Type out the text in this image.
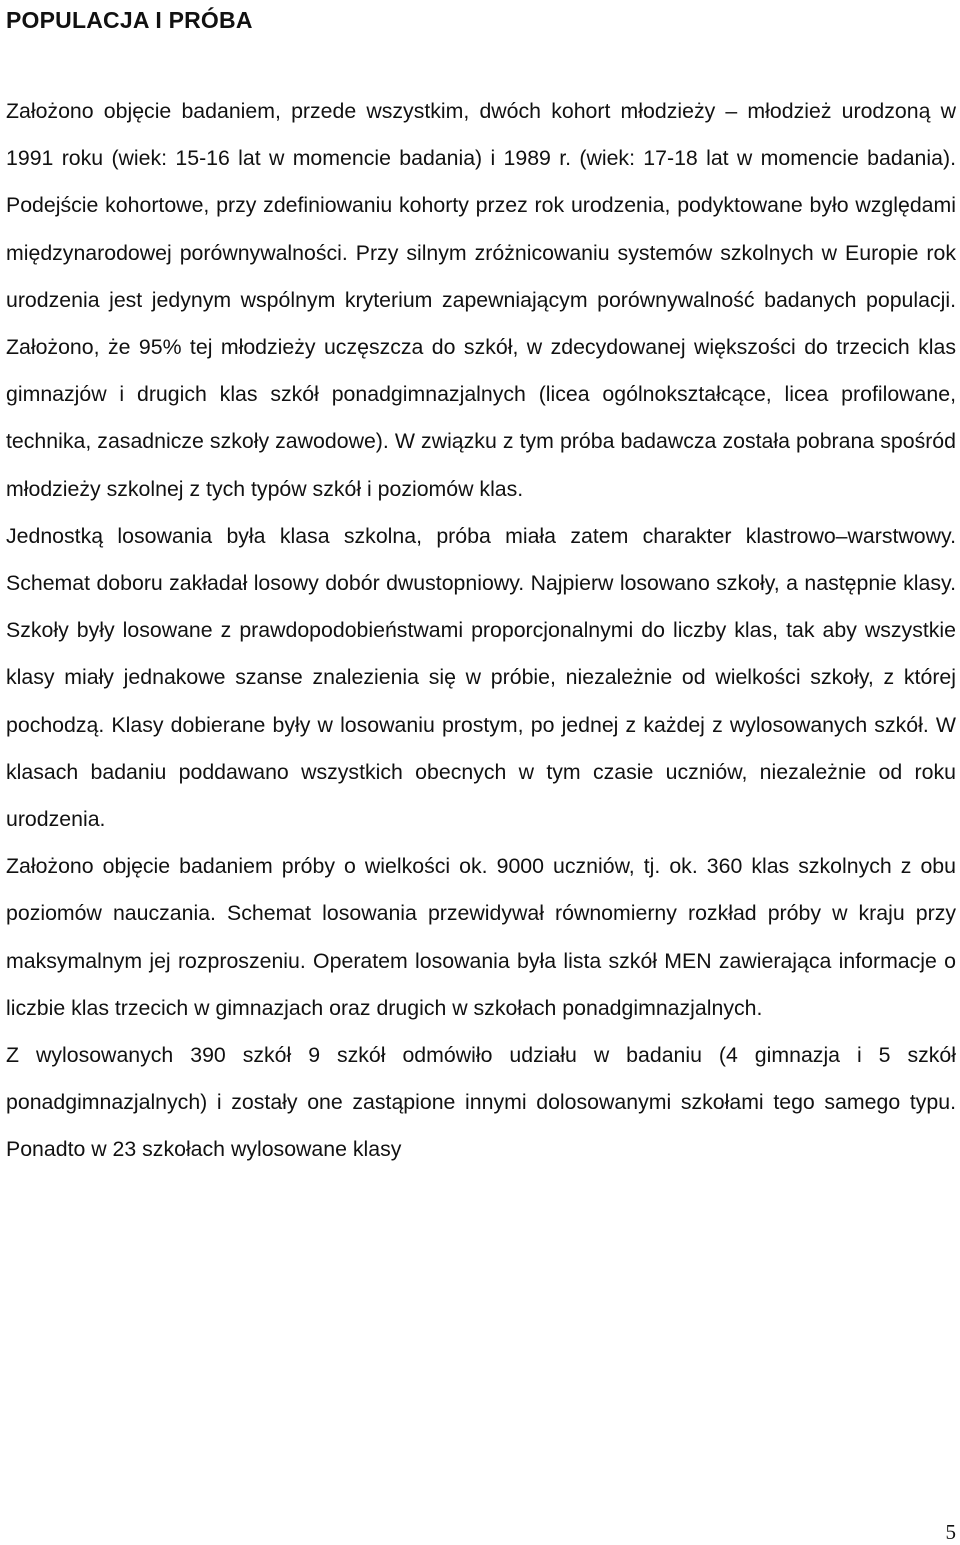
POPULACJA I PRÓBA

Założono objęcie badaniem, przede wszystkim, dwóch kohort młodzieży – młodzież urodzoną w 1991 roku (wiek: 15-16 lat w momencie badania) i 1989 r. (wiek: 17-18 lat w momencie badania). Podejście kohortowe, przy zdefiniowaniu kohorty przez rok urodzenia, podyktowane było względami międzynarodowej porównywalności. Przy silnym zróżnicowaniu systemów szkolnych w Europie rok urodzenia jest jedynym wspólnym kryterium zapewniającym porównywalność badanych populacji. Założono, że 95% tej młodzieży uczęszcza do szkół, w zdecydowanej większości do trzecich klas gimnazjów i drugich klas szkół ponadgimnazjalnych (licea ogólnokształcące, licea profilowane, technika, zasadnicze szkoły zawodowe). W związku z tym próba badawcza została pobrana spośród młodzieży szkolnej z tych typów szkół i poziomów klas.

Jednostką losowania była klasa szkolna, próba miała zatem charakter klastrowo–warstwowy. Schemat doboru zakładał losowy dobór dwustopniowy. Najpierw losowano szkoły, a następnie klasy. Szkoły były losowane z prawdopodobieństwami proporcjonalnymi do liczby klas, tak aby wszystkie klasy miały jednakowe szanse znalezienia się w próbie, niezależnie od wielkości szkoły, z której pochodzą. Klasy dobierane były w losowaniu prostym, po jednej z każdej z wylosowanych szkół. W klasach badaniu poddawano wszystkich obecnych w tym czasie uczniów, niezależnie od roku urodzenia.

Założono objęcie badaniem próby o wielkości ok. 9000 uczniów, tj. ok. 360 klas szkolnych z obu poziomów nauczania. Schemat losowania przewidywał równomierny rozkład próby w kraju przy maksymalnym jej rozproszeniu. Operatem losowania była lista szkół MEN zawierająca informacje o liczbie klas trzecich w gimnazjach oraz drugich w szkołach ponadgimnazjalnych.

Z wylosowanych 390 szkół 9 szkół odmówiło udziału w badaniu (4 gimnazja i 5 szkół ponadgimnazjalnych) i zostały one zastąpione innymi dolosowanymi szkołami tego samego typu. Ponadto w 23 szkołach wylosowane klasy

5
